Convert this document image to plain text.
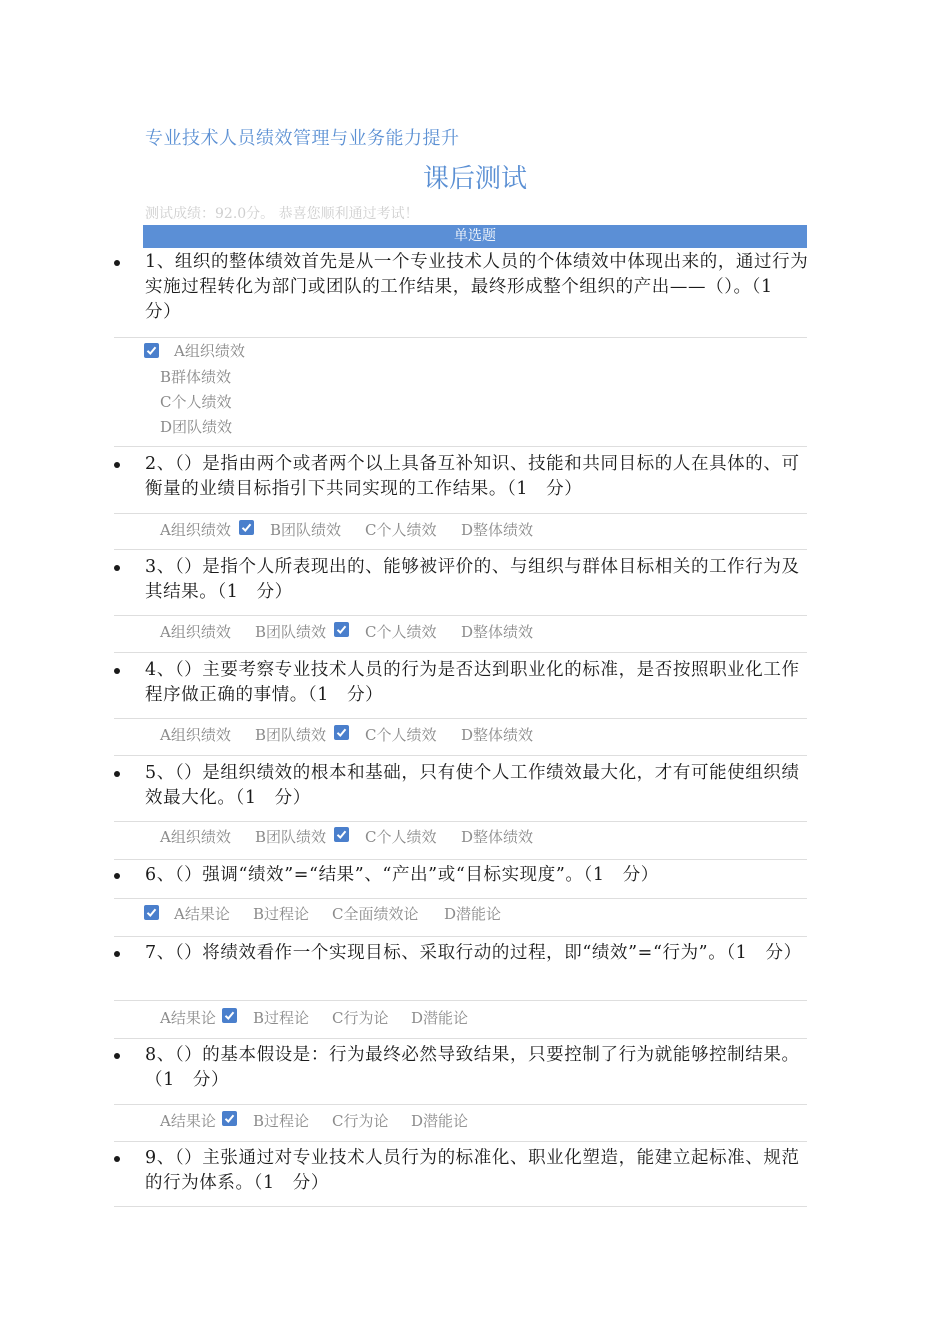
专业技术人员绩效管理与业务能力提升
课后测试
测试成绩：92.0分。 恭喜您顺利通过考试！
单选题
1、组织的整体绩效首先是从一个专业技术人员的个体绩效中体现出来的，通过行为实施过程转化为部门或团队的工作结果，最终形成整个组织的产出——（）。（1　分）
A组织绩效
B群体绩效
C个人绩效
D团队绩效
2、（）是指由两个或者两个以上具备互补知识、技能和共同目标的人在具体的、可衡量的业绩目标指引下共同实现的工作结果。（1　分）
A组织绩效	B团队绩效 C个人绩效 D整体绩效
3、（）是指个人所表现出的、能够被评价的、与组织与群体目标相关的工作行为及其结果。（1　分）
A组织绩效 B团队绩效	C个人绩效 D整体绩效
4、（）主要考察专业技术人员的行为是否达到职业化的标准，是否按照职业化工作程序做正确的事情。（1　分）
A组织绩效 B团队绩效	C个人绩效 D整体绩效
5、（）是组织绩效的根本和基础，只有使个人工作绩效最大化，才有可能使组织绩效最大化。（1　分）
A组织绩效 B团队绩效	C个人绩效 D整体绩效
6、（）强调“绩效”=“结果”、“产出”或“目标实现度”。（1　分）
A结果论 B过程论 C全面绩效论 D潜能论
7、（）将绩效看作一个实现目标、采取行动的过程，即“绩效”=“行为”。（1　分）
A结果论 B过程论 C行为论 D潜能论
8、（）的基本假设是：行为最终必然导致结果，只要控制了行为就能够控制结果。（1　分）
A结果论 B过程论 C行为论 D潜能论
9、（）主张通过对专业技术人员行为的标准化、职业化塑造，能建立起标准、规范的行为体系。（1　分）
